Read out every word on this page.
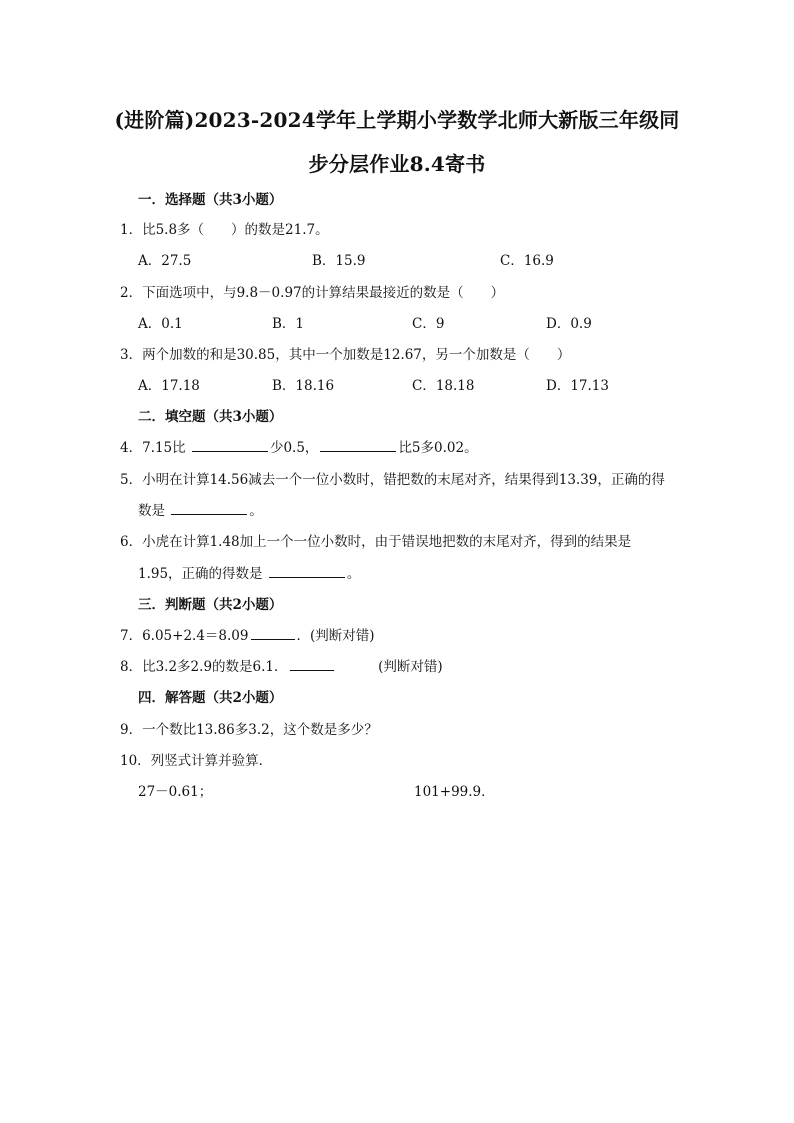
(进阶篇)2023-2024学年上学期小学数学北师大新版三年级同
步分层作业8.4寄书
一．选择题（共3小题）
1．比5.8多（　　）的数是21.7。
A．27.5	B．15.9	C．16.9
2．下面选项中，与9.8－0.97的计算结果最接近的数是（　　）
A．0.1	B．1	C．9	D．0.9
3．两个加数的和是30.85，其中一个加数是12.67，另一个加数是（　　）
A．17.18	B．18.16	C．18.18	D．17.13
二．填空题（共3小题）
4．7.15比	少0.5，	比5多0.02。
5．小明在计算14.56减去一个一位小数时，错把数的末尾对齐，结果得到13.39，正确的得
数是	。
6．小虎在计算1.48加上一个一位小数时，由于错误地把数的末尾对齐，得到的结果是
1.95，正确的得数是	。
三．判断题（共2小题）
7．6.05+2.4＝8.09	．(判断对错)
8．比3.2多2.9的数是6.1．	(判断对错)
四．解答题（共2小题）
9．一个数比13.86多3.2，这个数是多少？
10．列竖式计算并验算．
27－0.61；	101+99.9．
